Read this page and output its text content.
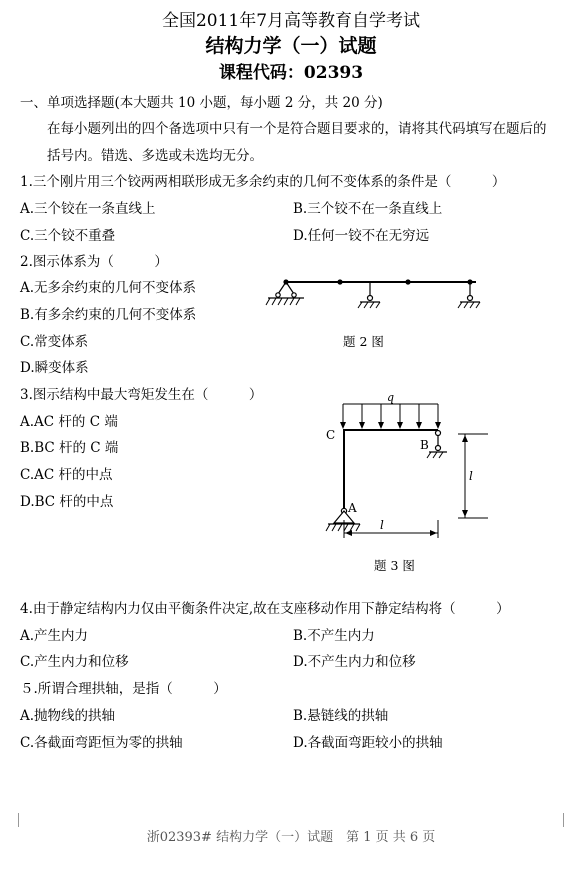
全国2011年7月高等教育自学考试
结构力学（一）试题
课程代码：02393
一、单项选择题(本大题共 10 小题，每小题 2 分，共 20 分)
在每小题列出的四个备选项中只有一个是符合题目要求的，请将其代码填写在题后的
括号内。错选、多选或未选均无分。
1.三个刚片用三个铰两两相联形成无多余约束的几何不变体系的条件是（　　　）
A.三个铰在一条直线上	B.三个铰不在一条直线上
C.三个铰不重叠	D.任何一铰不在无穷远
2.图示体系为（　　　）
A.无多余约束的几何不变体系
B.有多余约束的几何不变体系
C.常变体系
D.瞬变体系
题 2 图
3.图示结构中最大弯矩发生在（　　　）
A.AC 杆的 C 端
B.BC 杆的 C 端
C.AC 杆的中点
D.BC 杆的中点
q
C
B
A
l
l
题 3 图
4.由于静定结构内力仅由平衡条件决定,故在支座移动作用下静定结构将（　　　）
A.产生内力	B.不产生内力
C.产生内力和位移	D.不产生内力和位移
５.所谓合理拱轴，是指（　　　）
A.抛物线的拱轴	B.悬链线的拱轴
C.各截面弯距恒为零的拱轴	D.各截面弯距较小的拱轴
浙02393# 结构力学（一）试题　第 1 页 共 6 页
